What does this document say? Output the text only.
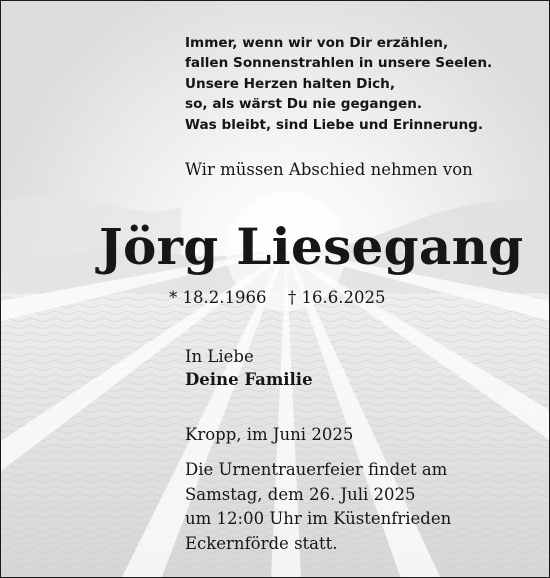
Immer, wenn wir von Dir erzählen,
fallen Sonnenstrahlen in unsere Seelen.
Unsere Herzen halten Dich,
so, als wärst Du nie gegangen.
Was bleibt, sind Liebe und Erinnerung.
Wir müssen Abschied nehmen von
Jörg Liesegang
* 18.2.1966 † 16.6.2025
In Liebe
Deine Familie
Kropp, im Juni 2025
Die Urnentrauerfeier findet am
Samstag, dem 26. Juli 2025
um 12:00 Uhr im Küstenfrieden
Eckernförde statt.
